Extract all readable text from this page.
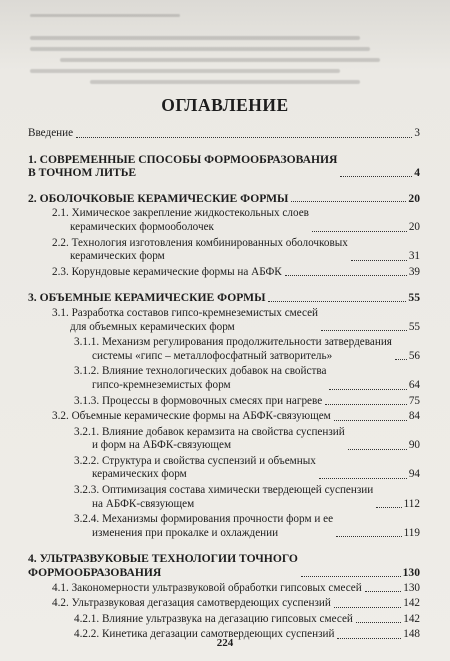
ОГЛАВЛЕНИЕ
Введение	3
1. СОВРЕМЕННЫЕ СПОСОБЫ ФОРМООБРАЗОВАНИЯ
В ТОЧНОМ ЛИТЬЕ	4
2. ОБОЛОЧКОВЫЕ КЕРАМИЧЕСКИЕ ФОРМЫ	20
2.1. Химическое закрепление жидкостекольных слоев
керамических формооболочек	20
2.2. Технология изготовления комбинированных оболочковых
керамических форм	31
2.3. Корундовые керамические формы на АБФК	39
3. ОБЪЕМНЫЕ КЕРАМИЧЕСКИЕ ФОРМЫ	55
3.1. Разработка составов гипсо-кремнеземистых смесей
для объемных керамических форм	55
3.1.1. Механизм регулирования продолжительности затвердевания
системы «гипс – металлофосфатный затворитель»	56
3.1.2. Влияние технологических добавок на свойства
гипсо-кремнеземистых форм	64
3.1.3. Процессы в формовочных смесях при нагреве	75
3.2. Объемные керамические формы на АБФК-связующем	84
3.2.1. Влияние добавок керамзита на свойства суспензий
и форм на АБФК-связующем	90
3.2.2. Структура и свойства суспензий и объемных
керамических форм	94
3.2.3. Оптимизация состава химически твердеющей суспензии
на АБФК-связующем	112
3.2.4. Механизмы формирования прочности форм и ее
изменения при прокалке и охлаждении	119
4. УЛЬТРАЗВУКОВЫЕ ТЕХНОЛОГИИ ТОЧНОГО
ФОРМООБРАЗОВАНИЯ	130
4.1. Закономерности ультразвуковой обработки гипсовых смесей	130
4.2. Ультразвуковая дегазация самотвердеющих суспензий	142
4.2.1. Влияние ультразвука на дегазацию гипсовых смесей	142
4.2.2. Кинетика дегазации самотвердеющих суспензий	148
224
